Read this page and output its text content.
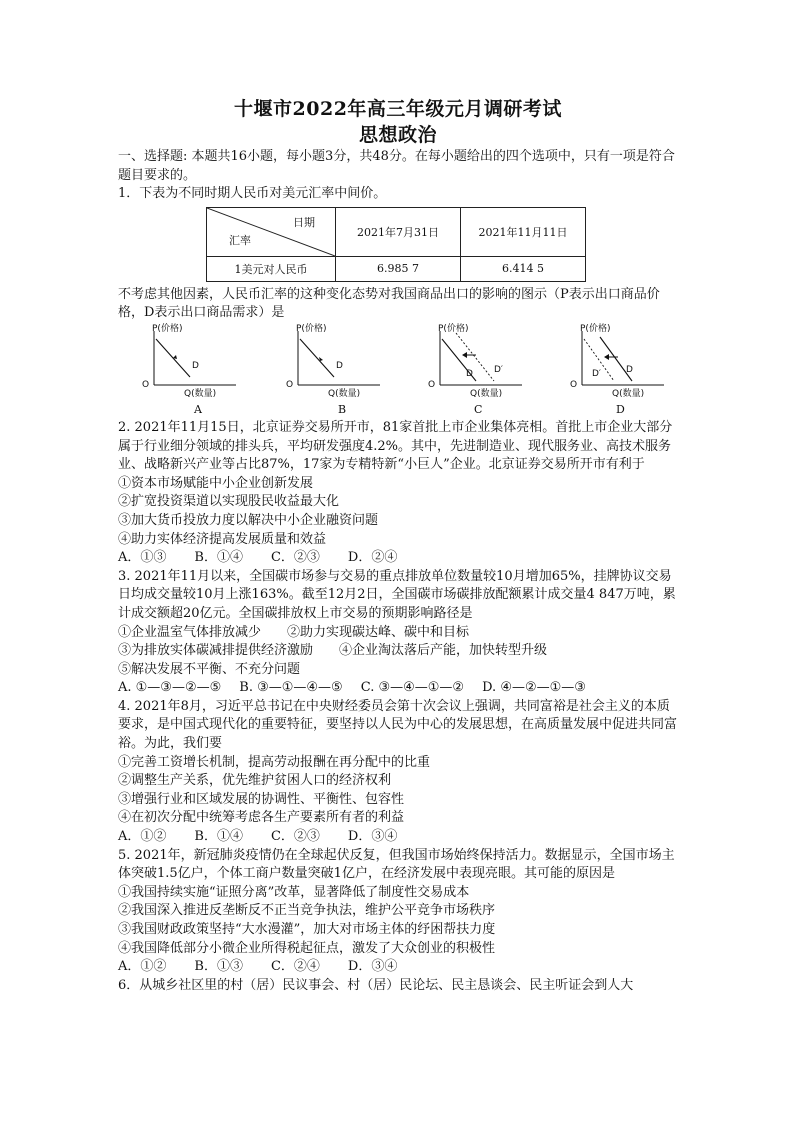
十堰市2022年高三年级元月调研考试
思想政治

一、选择题: 本题共16小题，每小题3分，共48分。在每小题给出的四个选项中，只有一项是符合题目要求的。

1．下表为不同时期人民币对美元汇率中间价。

日期
汇率	2021年7月31日	2021年11月11日
1美元对人民币	6.985 7	6.414 5

不考虑其他因素，人民币汇率的这种变化态势对我国商品出口的影响的图示（P表示出口商品价格，D表示出口商品需求）是

P(价格)
D
O
Q(数量)
A
P(价格)
D
O
Q(数量)
B
P(价格)
D D′
O
Q(数量)
C
D
D′
P(价格)
O
Q(数量)
D

2. 2021年11月15日，北京证券交易所开市，81家首批上市企业集体亮相。首批上市企业大部分属于行业细分领域的排头兵，平均研发强度4.2%。其中，先进制造业、现代服务业、高技术服务业、战略新兴产业等占比87%，17家为专精特新“小巨人”企业。北京证券交易所开市有利于

①资本市场赋能中小企业创新发展

②扩宽投资渠道以实现股民收益最大化

③加大货币投放力度以解决中小企业融资问题

④助力实体经济提高发展质量和效益

A．①③ B．①④ C．②③ D．②④

3. 2021年11月以来，全国碳市场参与交易的重点排放单位数量较10月增加65%，挂牌协议交易日均成交量较10月上涨163%。截至12月2日，全国碳市场碳排放配额累计成交量4 847万吨，累计成交额超20亿元。全国碳排放权上市交易的预期影响路径是

①企业温室气体排放减少 ②助力实现碳达峰、碳中和目标

③为排放实体碳减排提供经济激励 ④企业淘汰落后产能，加快转型升级

⑤解决发展不平衡、不充分问题

A. ①—③—②—⑤ B. ③—①—④—⑤ C. ③—④—①—② D. ④—②—①—③

4. 2021年8月，习近平总书记在中央财经委员会第十次会议上强调，共同富裕是社会主义的本质要求，是中国式现代化的重要特征，要坚持以人民为中心的发展思想，在高质量发展中促进共同富裕。为此，我们要

①完善工资增长机制，提高劳动报酬在再分配中的比重

②调整生产关系，优先维护贫困人口的经济权利

③增强行业和区域发展的协调性、平衡性、包容性

④在初次分配中统筹考虑各生产要素所有者的利益

A．①② B．①④ C．②③ D．③④

5. 2021年，新冠肺炎疫情仍在全球起伏反复，但我国市场始终保持活力。数据显示，全国市场主体突破1.5亿户，个体工商户数量突破1亿户，在经济发展中表现亮眼。其可能的原因是

①我国持续实施“证照分离”改革，显著降低了制度性交易成本

②我国深入推进反垄断反不正当竞争执法，维护公平竞争市场秩序

③我国财政政策坚持“大水漫灌”，加大对市场主体的纾困帮扶力度

④我国降低部分小微企业所得税起征点，激发了大众创业的积极性

A．①② B．①③ C．②④ D．③④

6．从城乡社区里的村（居）民议事会、村（居）民论坛、民主恳谈会、民主听证会到人大
